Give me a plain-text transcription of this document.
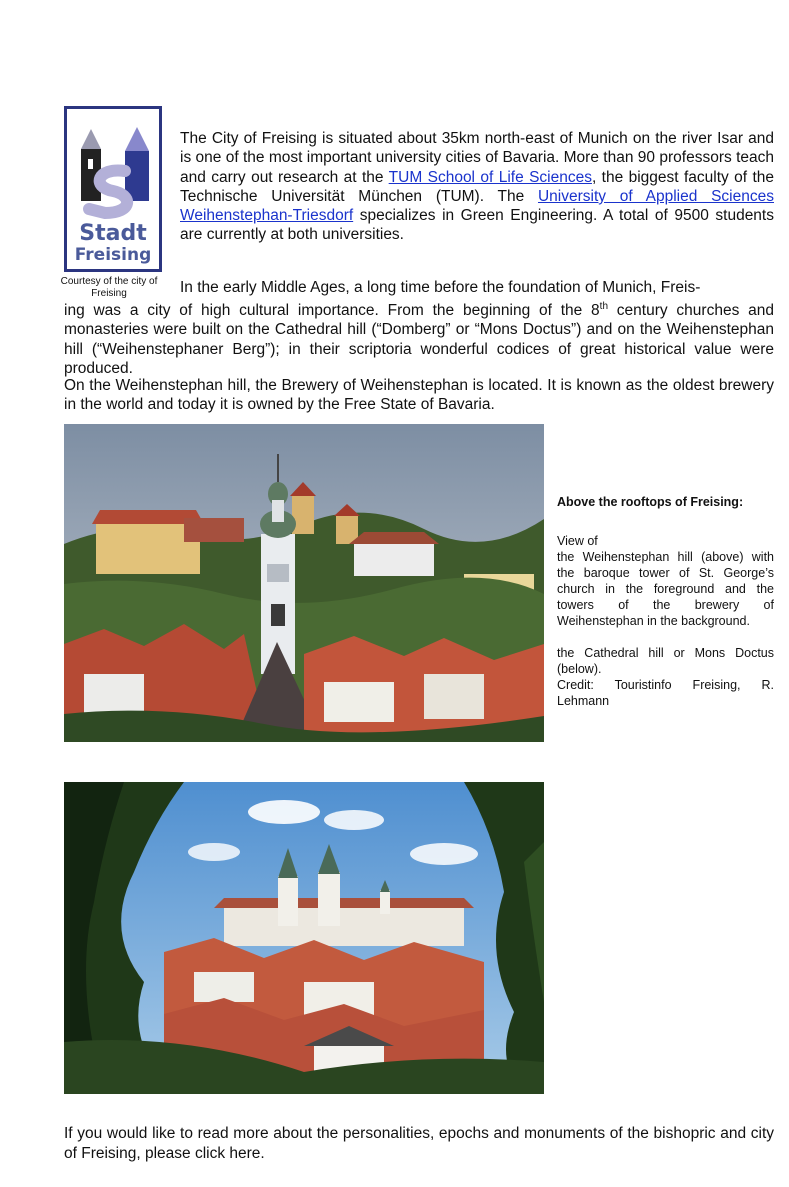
Stadt
Freising
Courtesy of the city of Freising
The City of Freising is situated about 35km north-east of Munich on the river Isar and is one of the most important university cities of Bavaria. More than 90 professors teach and carry out research at the TUM School of Life Sciences, the biggest faculty of the Technische Universität München (TUM). The University of Applied Sciences Weihenstephan-Triesdorf specializes in Green Engineering. A total of 9500 students are currently at both universities.
In the early Middle Ages, a long time before the foundation of Munich, Freis-
ing was a city of high cultural importance. From the beginning of the 8th century churches and monasteries were built on the Cathedral hill (“Domberg” or “Mons Doctus”) and on the Weihenstephan hill (“Weihenstephaner Berg”); in their scriptoria wonderful codices of great historical value were produced.
On the Weihenstephan hill, the Brewery of Weihenstephan is located. It is known as the oldest brewery in the world and today it is owned by the Free State of Bavaria.
Above the rooftops of Freising:

View of

the Weihenstephan hill (above) with the baroque tower of St. George’s church in the foreground and the towers of the brewery of Weihenstephan in the background.

the Cathedral hill or Mons Doctus (below).

Credit: Touristinfo Freising, R. Lehmann

If you would like to read more about the personalities, epochs and monuments of the bishopric and city of Freising, please click here.
